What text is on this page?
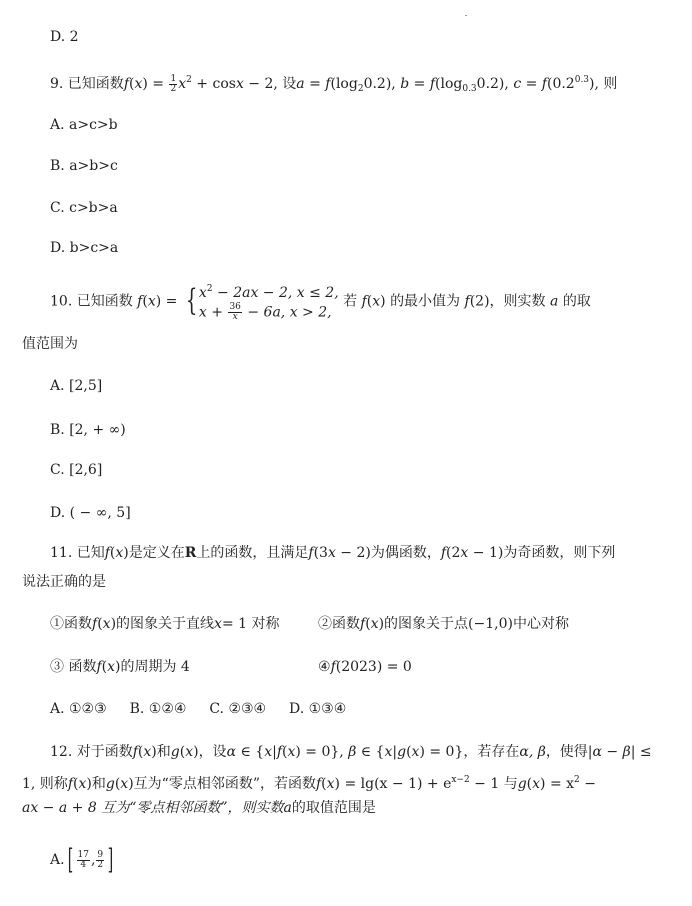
D. 2
9. 已知函数$f(x) = \frac{1}{2} x^2 + \cos x - 2$, 设$a = f(\log_20.2)$, $b = f(\log_{0.3}0.2)$, $c = f(0.2^{0.3})$, 则
A. a>c>b
B. a>b>c
C. c>b>a
D. b>c>a
10. 已知函数 f(x) = { $x^2 - 2ax - 2$, x ≤ 2,
$x + \frac{36}{x} - 6a$, x > 2,
若 f(x) 的最小值为 f(2)，则实数 a 的取
值范围为
A. [2,5]
B. [2, + ∞)
C. [2,6]
D. ( − ∞, 5]
11. 已知f(x)是定义在R上的函数，且满足f(3x − 2)为偶函数，f(2x − 1)为奇函数，则下列
说法正确的是
①函数f(x)的图象关于直线x= 1 对称	②函数f(x)的图象关于点(−1,0)中心对称
③ 函数f(x)的周期为 4	④f(2023) = 0
A. ①②③ B. ①②④ C. ②③④ D. ①③④
12. 对于函数f(x)和g(x)，设α ∈ {x|f(x) = 0}, β ∈ {x|g(x) = 0}，若存在α, β，使得|α − β| ≤
1, 则称f(x)和g(x)互为“零点相邻函数”，若函数$f(x) = \lg(x - 1) + e^{x-2} - 1$ 与$g(x) = x^2$ −
ax − a + 8 互为“零点相邻函数”，则实数a的取值范围是
$A.[ \frac{17}{4}$ , $\frac{9}{2}$ ]
